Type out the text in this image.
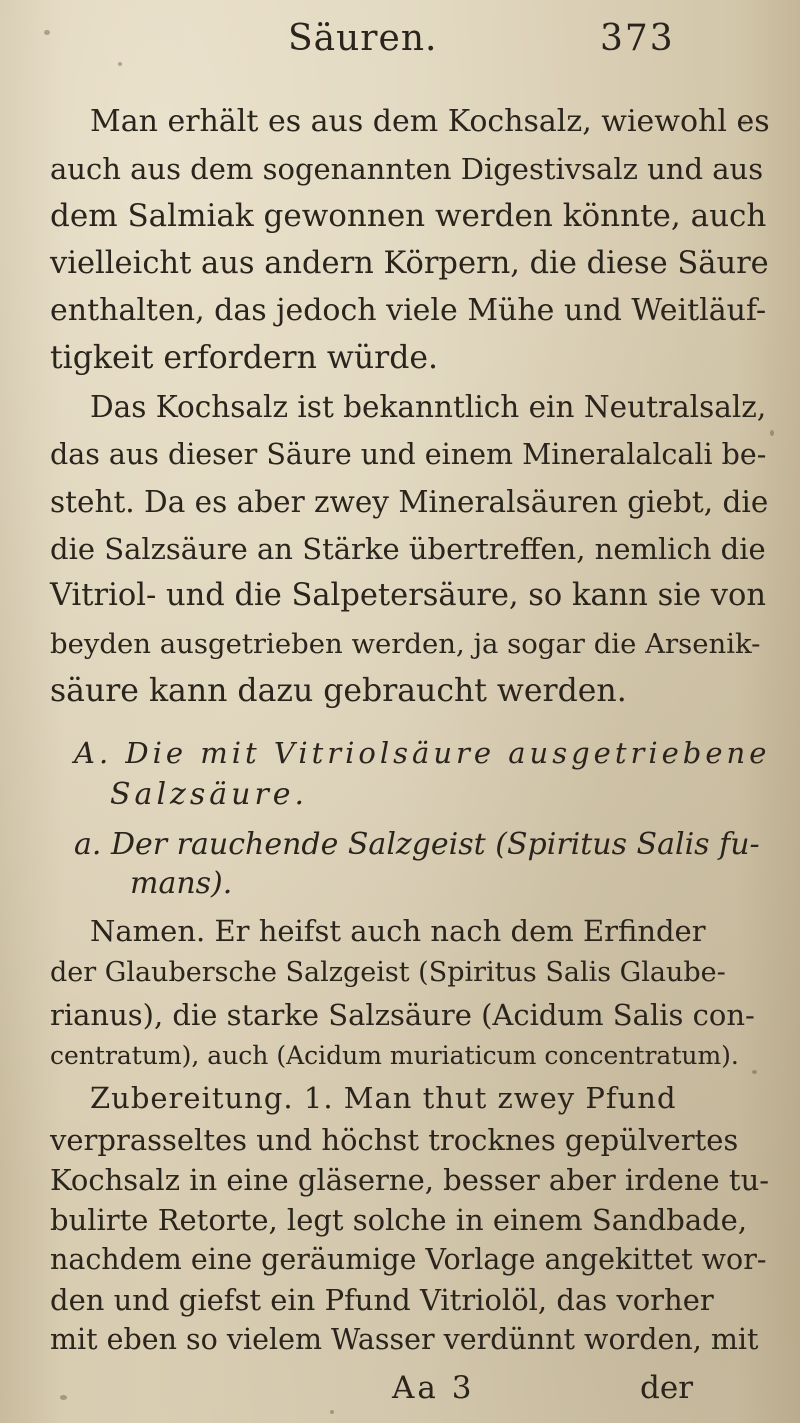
Säuren.	373
Man erhält es aus dem Kochsalz, wiewohl es
auch aus dem sogenannten Digestivsalz und aus
dem Salmiak gewonnen werden könnte, auch
vielleicht aus andern Körpern, die diese Säure
enthalten, das jedoch viele Mühe und Weitläuf-
tigkeit erfordern würde.
Das Kochsalz ist bekanntlich ein Neutralsalz,
das aus dieser Säure und einem Mineralalcali be-
steht. Da es aber zwey Mineralsäuren giebt, die
die Salzsäure an Stärke übertreffen, nemlich die
Vitriol- und die Salpetersäure, so kann sie von
beyden ausgetrieben werden, ja sogar die Arsenik-
säure kann dazu gebraucht werden.
A. Die mit Vitriolsäure ausgetriebene
Salzsäure.
a. Der rauchende Salzgeist (Spiritus Salis fu-
mans).
Namen. Er heifst auch nach dem Erfinder
der Glaubersche Salzgeist (Spiritus Salis Glaube-
rianus), die starke Salzsäure (Acidum Salis con-
centratum), auch (Acidum muriaticum concentratum).
Zubereitung. 1. Man thut zwey Pfund
verprasseltes und höchst trocknes gepülvertes
Kochsalz in eine gläserne, besser aber irdene tu-
bulirte Retorte, legt solche in einem Sandbade,
nachdem eine geräumige Vorlage angekittet wor-
den und giefst ein Pfund Vitriolöl, das vorher
mit eben so vielem Wasser verdünnt worden, mit
Aa 3	der
